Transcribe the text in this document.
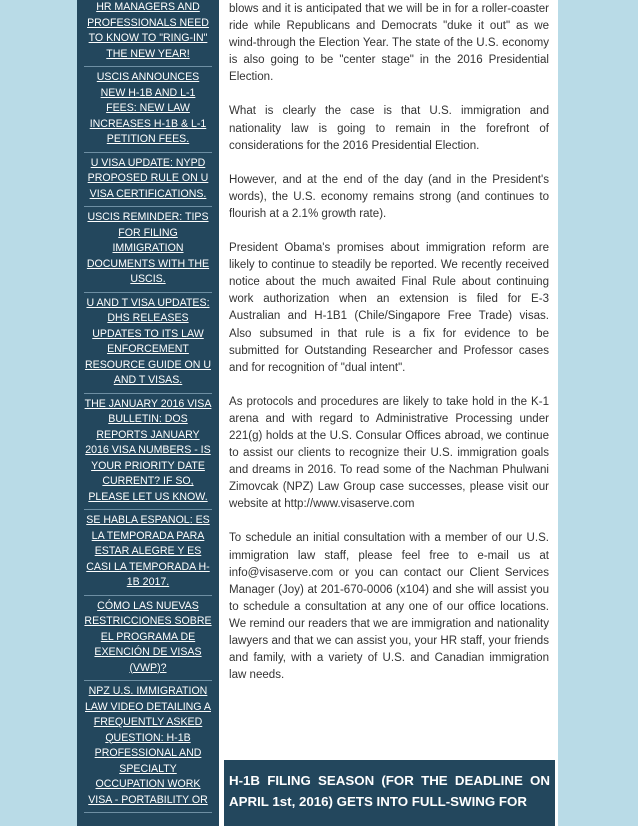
HR MANAGERS AND PROFESSIONALS NEED TO KNOW TO "RING-IN" THE NEW YEAR!
USCIS ANNOUNCES NEW H-1B AND L-1 FEES: NEW LAW INCREASES H-1B & L-1 PETITION FEES.
U VISA UPDATE: NYPD PROPOSED RULE ON U VISA CERTIFICATIONS.
USCIS REMINDER: TIPS FOR FILING IMMIGRATION DOCUMENTS WITH THE USCIS.
U AND T VISA UPDATES: DHS RELEASES UPDATES TO ITS LAW ENFORCEMENT RESOURCE GUIDE ON U AND T VISAS.
THE JANUARY 2016 VISA BULLETIN: DOS REPORTS JANUARY 2016 VISA NUMBERS - IS YOUR PRIORITY DATE CURRENT? IF SO, PLEASE LET US KNOW.
SE HABLA ESPANOL: ES LA TEMPORADA PARA ESTAR ALEGRE Y ES CASI LA TEMPORADA H-1B 2017.
CÓMO LAS NUEVAS RESTRICCIONES SOBRE EL PROGRAMA DE EXENCIÓN DE VISAS (VWP)?
NPZ U.S. IMMIGRATION LAW VIDEO DETAILING A FREQUENTLY ASKED QUESTION: H-1B PROFESSIONAL AND SPECIALTY OCCUPATION WORK VISA - PORTABILITY OR

blows and it is anticipated that we will be in for a roller-coaster ride while Republicans and Democrats "duke it out" as we wind-through the Election Year. The state of the U.S. economy is also going to be "center stage" in the 2016 Presidential Election.

What is clearly the case is that U.S. immigration and nationality law is going to remain in the forefront of considerations for the 2016 Presidential Election.

However, and at the end of the day (and in the President's words), the U.S. economy remains strong (and continues to flourish at a 2.1% growth rate).

President Obama's promises about immigration reform are likely to continue to steadily be reported. We recently received notice about the much awaited Final Rule about continuing work authorization when an extension is filed for E-3 Australian and H-1B1 (Chile/Singapore Free Trade) visas. Also subsumed in that rule is a fix for evidence to be submitted for Outstanding Researcher and Professor cases and for recognition of "dual intent".

As protocols and procedures are likely to take hold in the K-1 arena and with regard to Administrative Processing under 221(g) holds at the U.S. Consular Offices abroad, we continue to assist our clients to recognize their U.S. immigration goals and dreams in 2016. To read some of the Nachman Phulwani Zimovcak (NPZ) Law Group case successes, please visit our website at http://www.visaserve.com

To schedule an initial consultation with a member of our U.S. immigration law staff, please feel free to e-mail us at info@visaserve.com or you can contact our Client Services Manager (Joy) at 201-670-0006 (x104) and she will assist you to schedule a consultation at any one of our office locations. We remind our readers that we are immigration and nationality lawyers and that we can assist you, your HR staff, your friends and family, with a variety of U.S. and Canadian immigration law needs.

H-1B FILING SEASON (FOR THE DEADLINE ON APRIL 1st, 2016) GETS INTO FULL-SWING FOR
